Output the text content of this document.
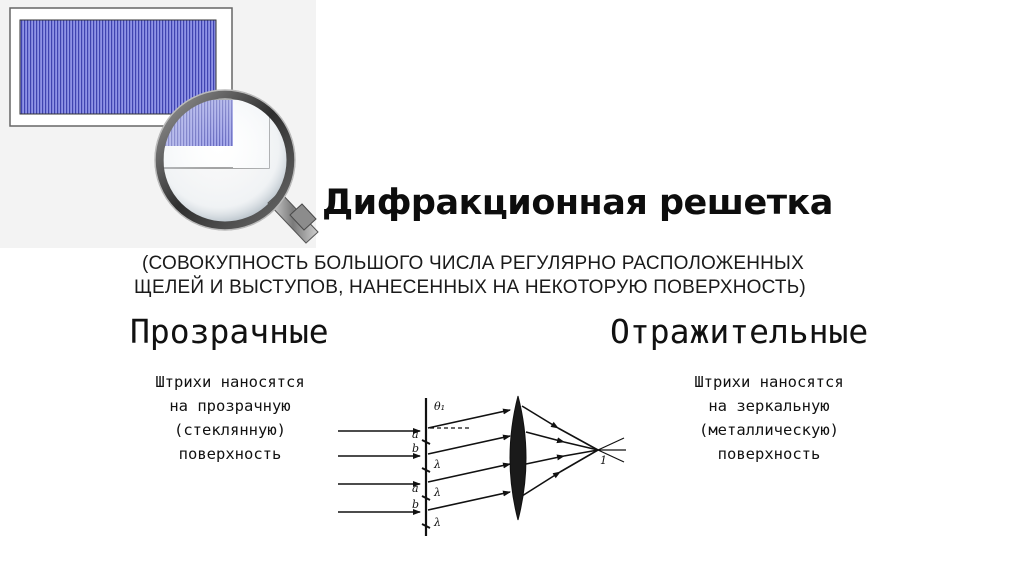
Дифракционная решетка
(СОВОКУПНОСТЬ БОЛЬШОГО ЧИСЛА РЕГУЛЯРНО РАСПОЛОЖЕННЫХ
ЩЕЛЕЙ И ВЫСТУПОВ, НАНЕСЕННЫХ НА НЕКОТОРУЮ ПОВЕРХНОСТЬ)
Прозрачные	Отражительные
Штрихи наносятся
на прозрачную
(стеклянную)
поверхность
Штрихи наносятся
на зеркальную
(металлическую)
поверхность
θ₁
a
b
a
b
λ
λ
λ
1
